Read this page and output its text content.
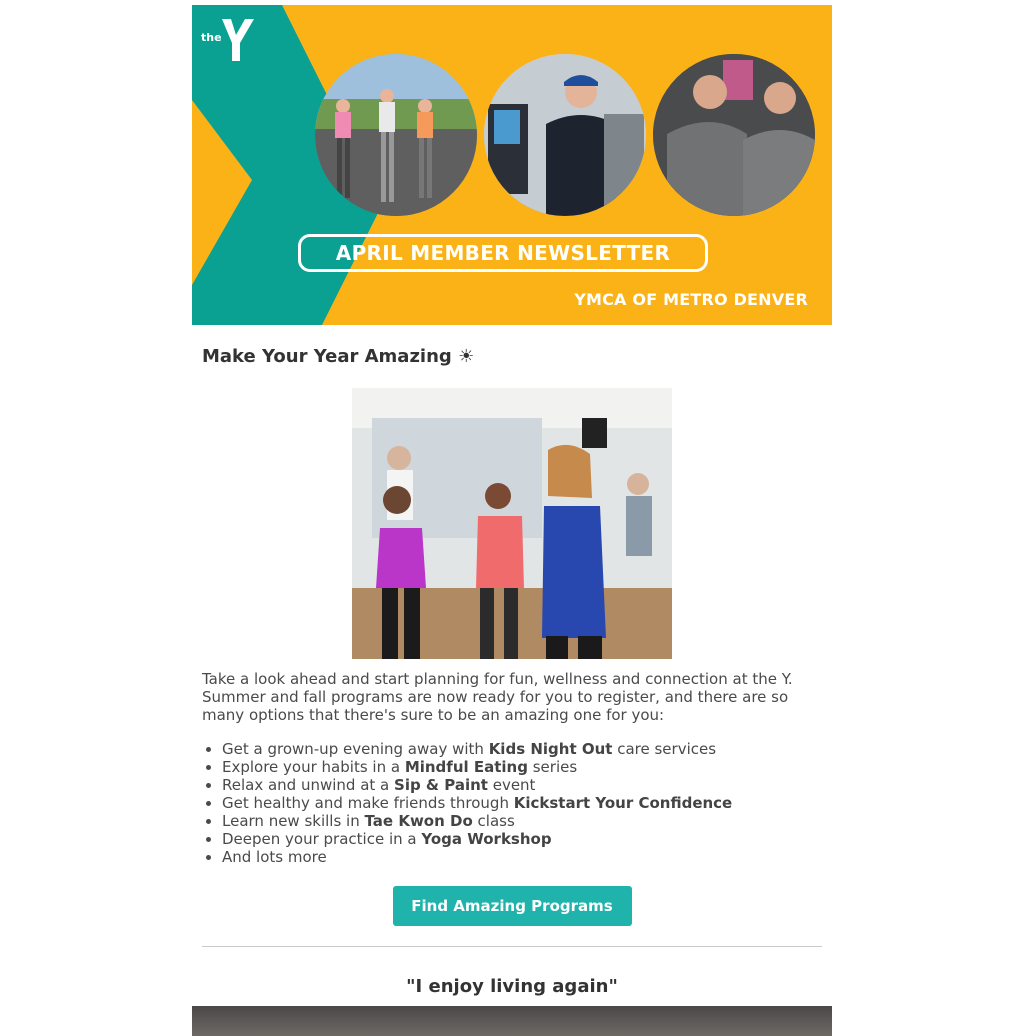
the
APRIL MEMBER NEWSLETTER
YMCA OF METRO DENVER
Make Your Year Amazing ☀
Take a look ahead and start planning for fun, wellness and connection at the Y. Summer and fall programs are now ready for you to register, and there are so many options that there's sure to be an amazing one for you:
• Get a grown-up evening away with Kids Night Out care services
• Explore your habits in a Mindful Eating series
• Relax and unwind at a Sip & Paint event
• Get healthy and make friends through Kickstart Your Confidence
• Learn new skills in Tae Kwon Do class
• Deepen your practice in a Yoga Workshop
• And lots more
Find Amazing Programs
"I enjoy living again"
